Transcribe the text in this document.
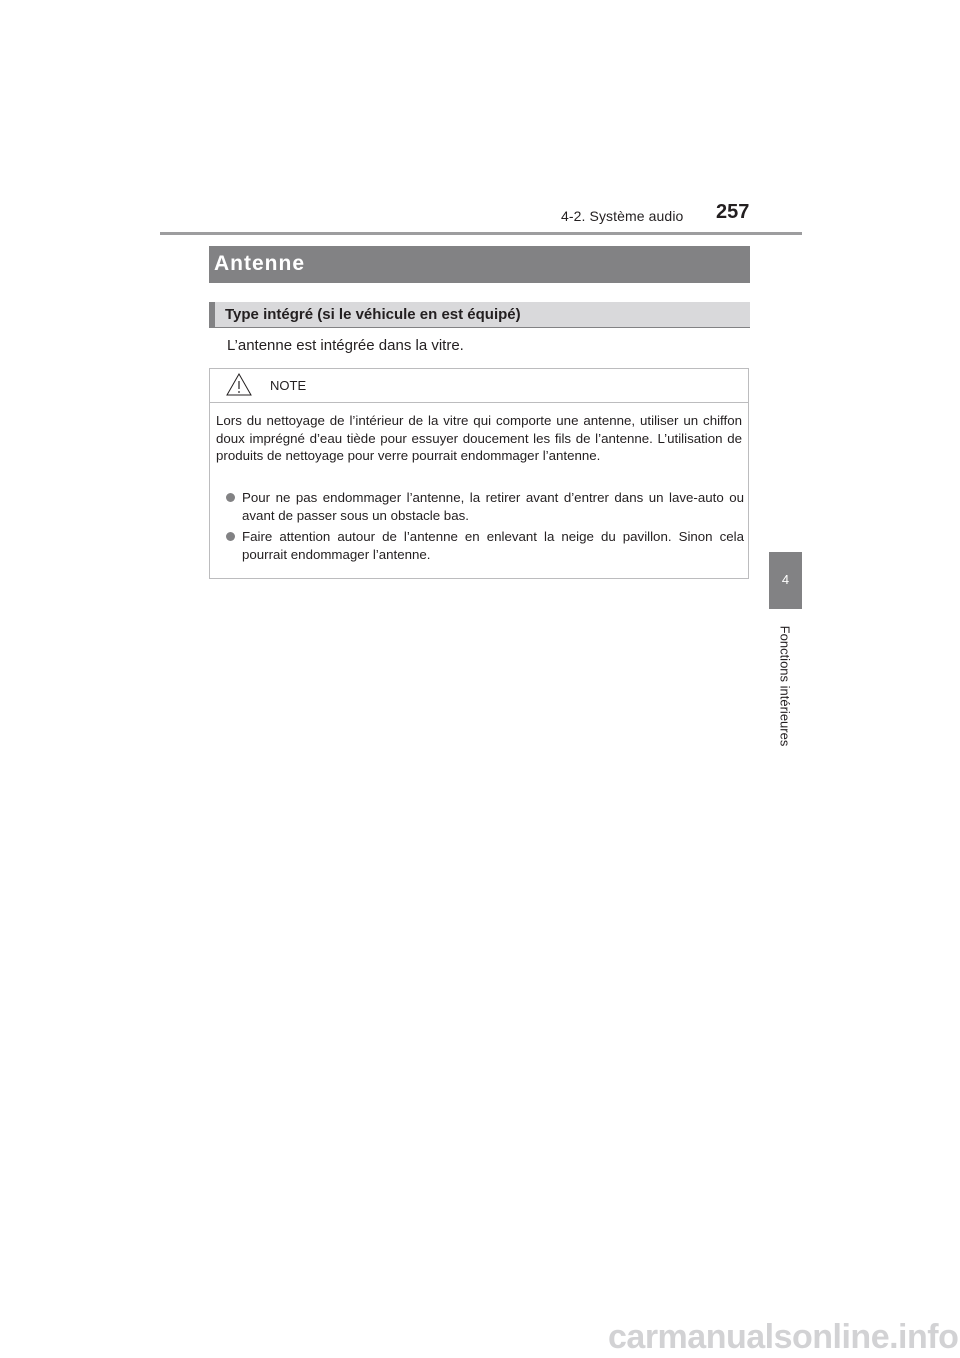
4-2. Système audio 257
4
Fonctions intérieures
Antenne
Type intégré (si le véhicule en est équipé)
L’antenne est intégrée dans la vitre.
NOTE

Lors du nettoyage de l’intérieur de la vitre qui comporte une antenne, utiliser un chiffon doux imprégné d’eau tiède pour essuyer doucement les fils de l’antenne. L’utilisation de produits de nettoyage pour verre pourrait endommager l’antenne.

Pour ne pas endommager l’antenne, la retirer avant d’entrer dans un lave-auto ou avant de passer sous un obstacle bas.
Faire attention autour de l’antenne en enlevant la neige du pavillon. Sinon cela pourrait endommager l’antenne.
carmanualsonline.info
